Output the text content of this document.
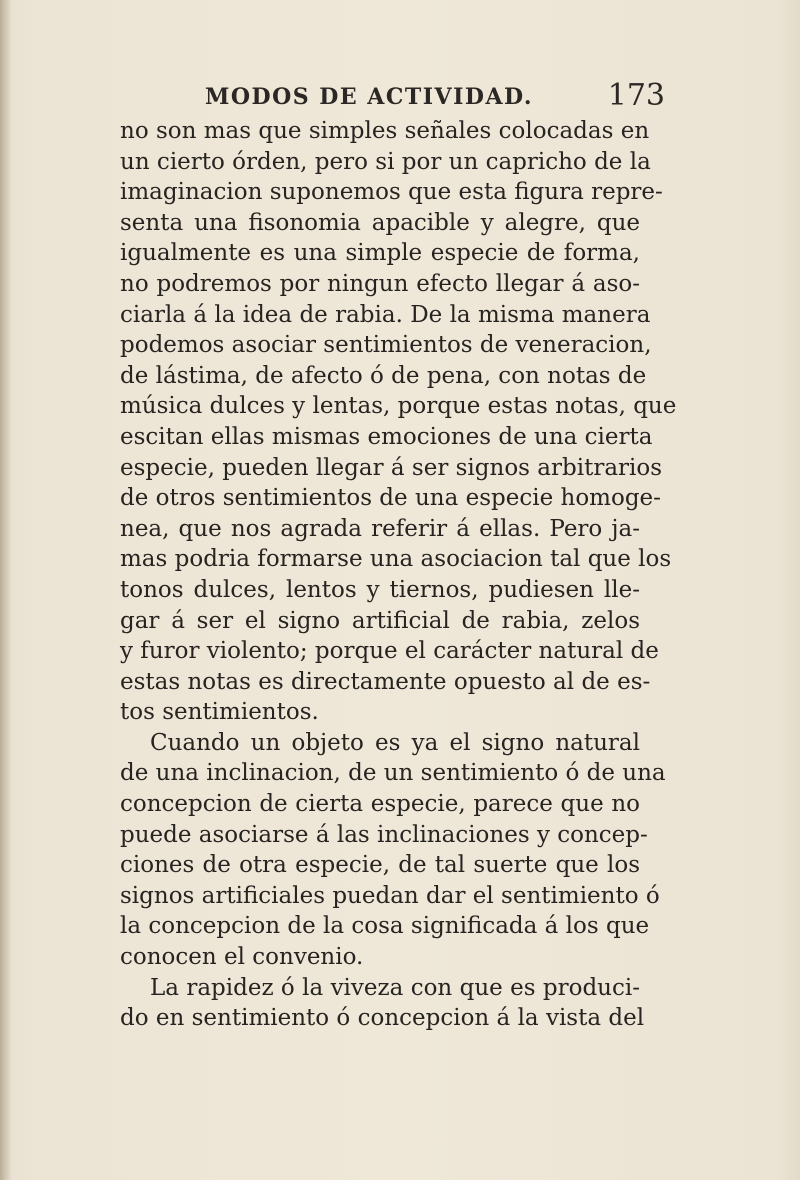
MODOS DE ACTIVIDAD. 173
no son mas que simples señales colocadas en
un cierto órden, pero si por un capricho de la
imaginacion suponemos que esta figura repre-
senta una fisonomia apacible y alegre, que
igualmente es una simple especie de forma,
no podremos por ningun efecto llegar á aso-
ciarla á la idea de rabia. De la misma manera
podemos asociar sentimientos de veneracion,
de lástima, de afecto ó de pena, con notas de
música dulces y lentas, porque estas notas, que
escitan ellas mismas emociones de una cierta
especie, pueden llegar á ser signos arbitrarios
de otros sentimientos de una especie homoge-
nea, que nos agrada referir á ellas. Pero ja-
mas podria formarse una asociacion tal que los
tonos dulces, lentos y tiernos, pudiesen lle-
gar á ser el signo artificial de rabia, zelos
y furor violento; porque el carácter natural de
estas notas es directamente opuesto al de es-
tos sentimientos.
Cuando un objeto es ya el signo natural
de una inclinacion, de un sentimiento ó de una
concepcion de cierta especie, parece que no
puede asociarse á las inclinaciones y concep-
ciones de otra especie, de tal suerte que los
signos artificiales puedan dar el sentimiento ó
la concepcion de la cosa significada á los que
conocen el convenio.
La rapidez ó la viveza con que es produci-
do en sentimiento ó concepcion á la vista del
